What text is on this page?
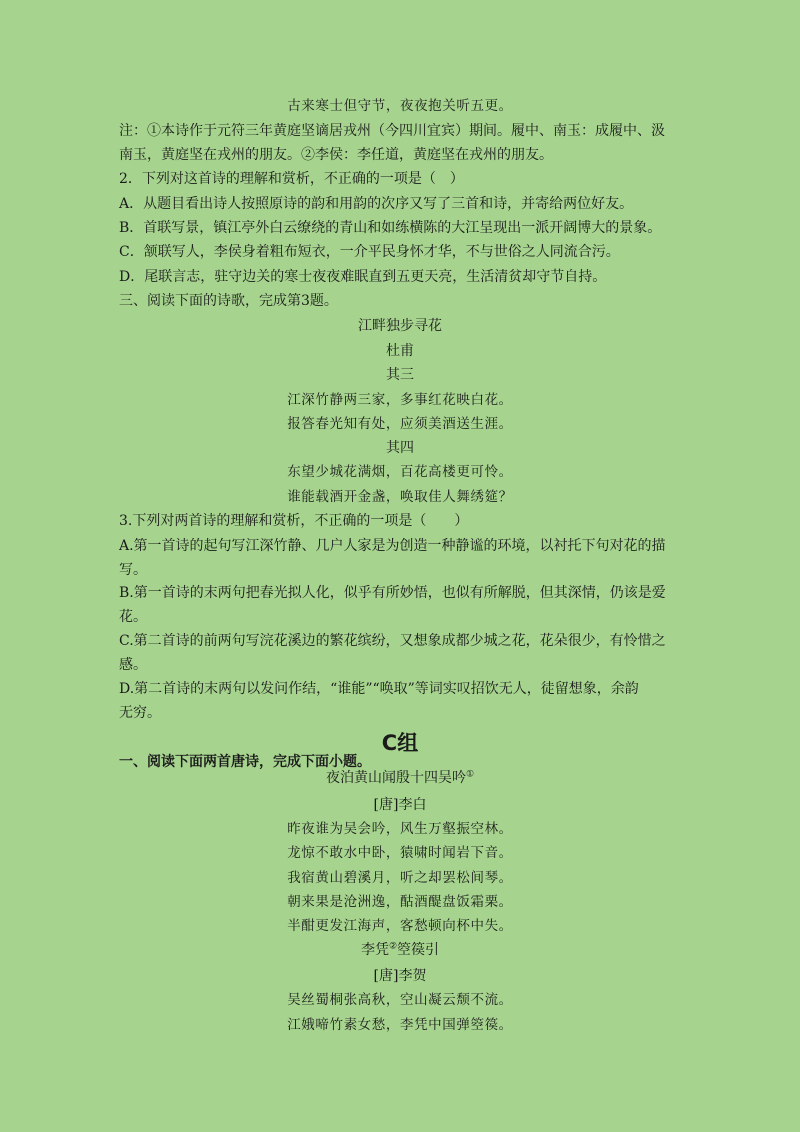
古来寒士但守节，夜夜抱关听五更。
注：①本诗作于元符三年黄庭坚谪居戎州（今四川宜宾）期间。履中、南玉：成履中、汲
南玉，黄庭坚在戎州的朋友。②李侯：李任道，黄庭坚在戎州的朋友。
2．下列对这首诗的理解和赏析，不正确的一项是（　）
A．从题目看出诗人按照原诗的韵和用韵的次序又写了三首和诗，并寄给两位好友。
B．首联写景，镇江亭外白云缭绕的青山和如练横陈的大江呈现出一派开阔博大的景象。
C．颔联写人，李侯身着粗布短衣，一介平民身怀才华，不与世俗之人同流合污。
D．尾联言志，驻守边关的寒士夜夜难眠直到五更天亮，生活清贫却守节自持。
三、阅读下面的诗歌，完成第3题。
江畔独步寻花
杜甫
其三
江深竹静两三家，多事红花映白花。
报答春光知有处，应须美酒送生涯。
其四
东望少城花满烟，百花高楼更可怜。
谁能载酒开金盏，唤取佳人舞绣筵？
3.下列对两首诗的理解和赏析，不正确的一项是（　　）
A.第一首诗的起句写江深竹静、几户人家是为创造一种静谧的环境，以衬托下句对花的描
写。
B.第一首诗的末两句把春光拟人化，似乎有所妙悟，也似有所解脱，但其深情，仍该是爱
花。
C.第二首诗的前两句写浣花溪边的繁花缤纷，又想象成都少城之花，花朵很少，有怜惜之
感。
D.第二首诗的末两句以发问作结，“谁能”“唤取”等词实叹招饮无人，徒留想象，余韵
无穷。
C组
一、阅读下面两首唐诗，完成下面小题。
夜泊黄山闻殷十四吴吟①
[唐]李白
昨夜谁为吴会吟，风生万壑振空林。
龙惊不敢水中卧，猿啸时闻岩下音。
我宿黄山碧溪月，听之却罢松间琴。
朝来果是沧洲逸，酤酒醍盘饭霜栗。
半酣更发江海声，客愁顿向杯中失。
李凭②箜篌引
[唐]李贺
吴丝蜀桐张高秋，空山凝云颓不流。
江娥啼竹素女愁，李凭中国弹箜篌。
